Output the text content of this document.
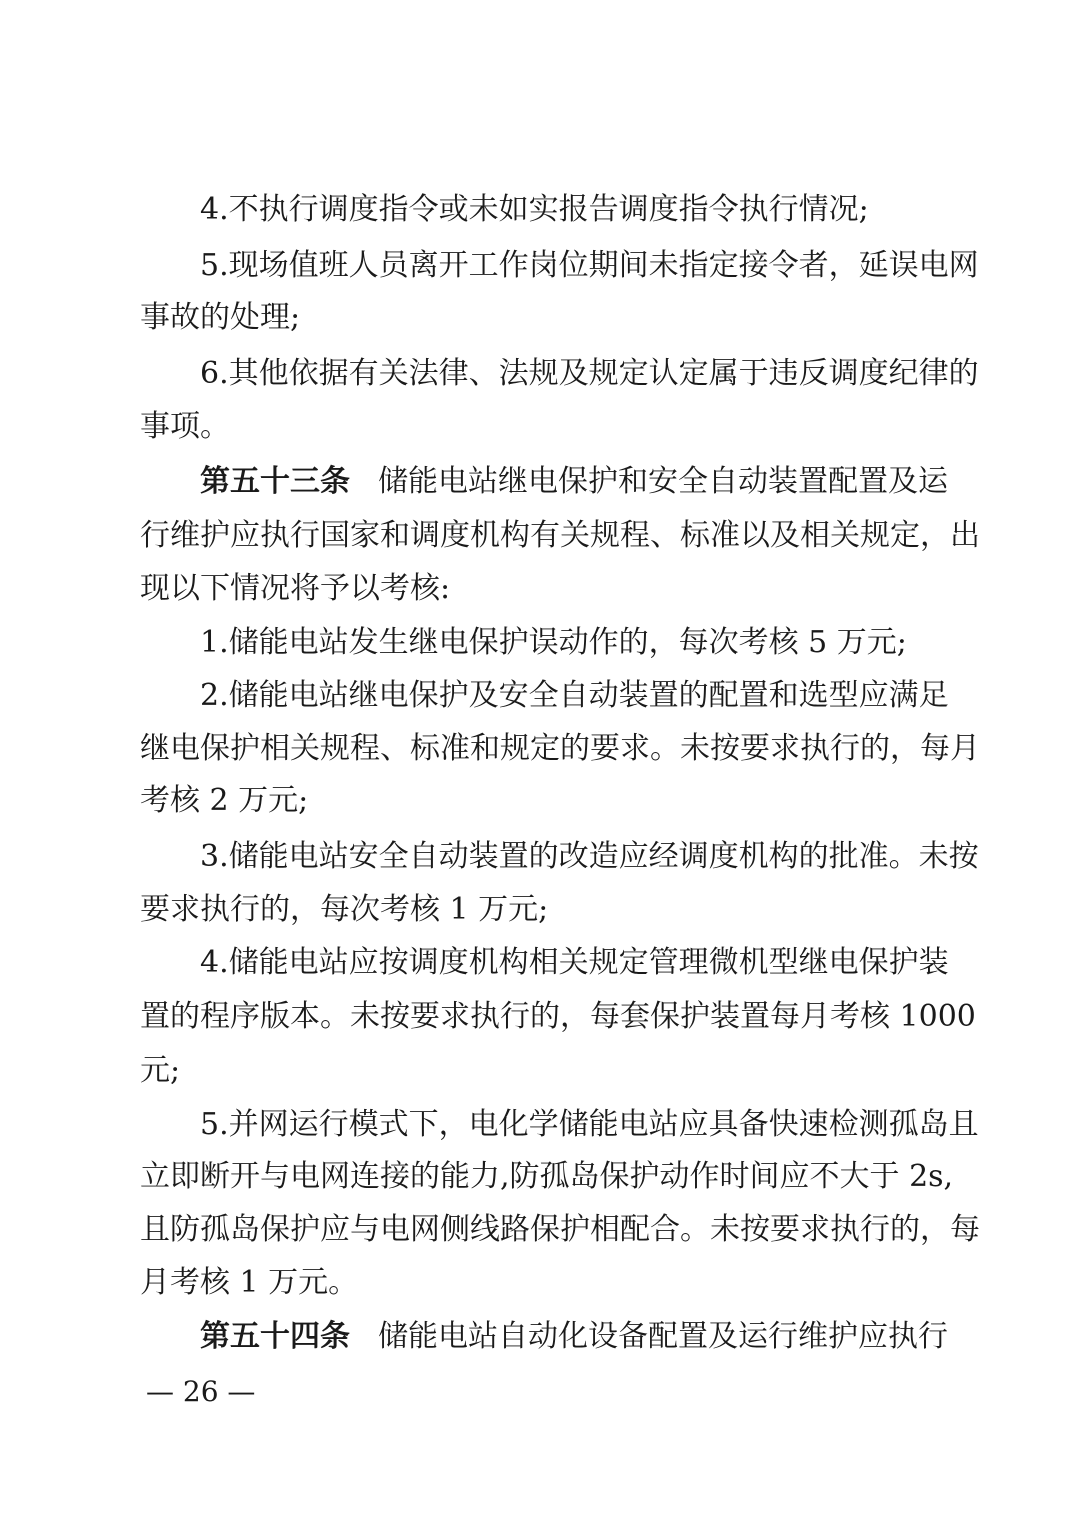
4.不执行调度指令或未如实报告调度指令执行情况;
5.现场值班人员离开工作岗位期间未指定接令者，延误电网
事故的处理;
6.其他依据有关法律、法规及规定认定属于违反调度纪律的
事项。
第五十三条 储能电站继电保护和安全自动装置配置及运
行维护应执行国家和调度机构有关规程、标准以及相关规定，出
现以下情况将予以考核:
1.储能电站发生继电保护误动作的，每次考核 5 万元;
2.储能电站继电保护及安全自动装置的配置和选型应满足
继电保护相关规程、标准和规定的要求。未按要求执行的，每月
考核 2 万元;
3.储能电站安全自动装置的改造应经调度机构的批准。未按
要求执行的，每次考核 1 万元;
4.储能电站应按调度机构相关规定管理微机型继电保护装
置的程序版本。未按要求执行的，每套保护装置每月考核 1000
元;
5.并网运行模式下，电化学储能电站应具备快速检测孤岛且
立即断开与电网连接的能力,防孤岛保护动作时间应不大于 2s,
且防孤岛保护应与电网侧线路保护相配合。未按要求执行的，每
月考核 1 万元。
第五十四条 储能电站自动化设备配置及运行维护应执行
— 26 —
